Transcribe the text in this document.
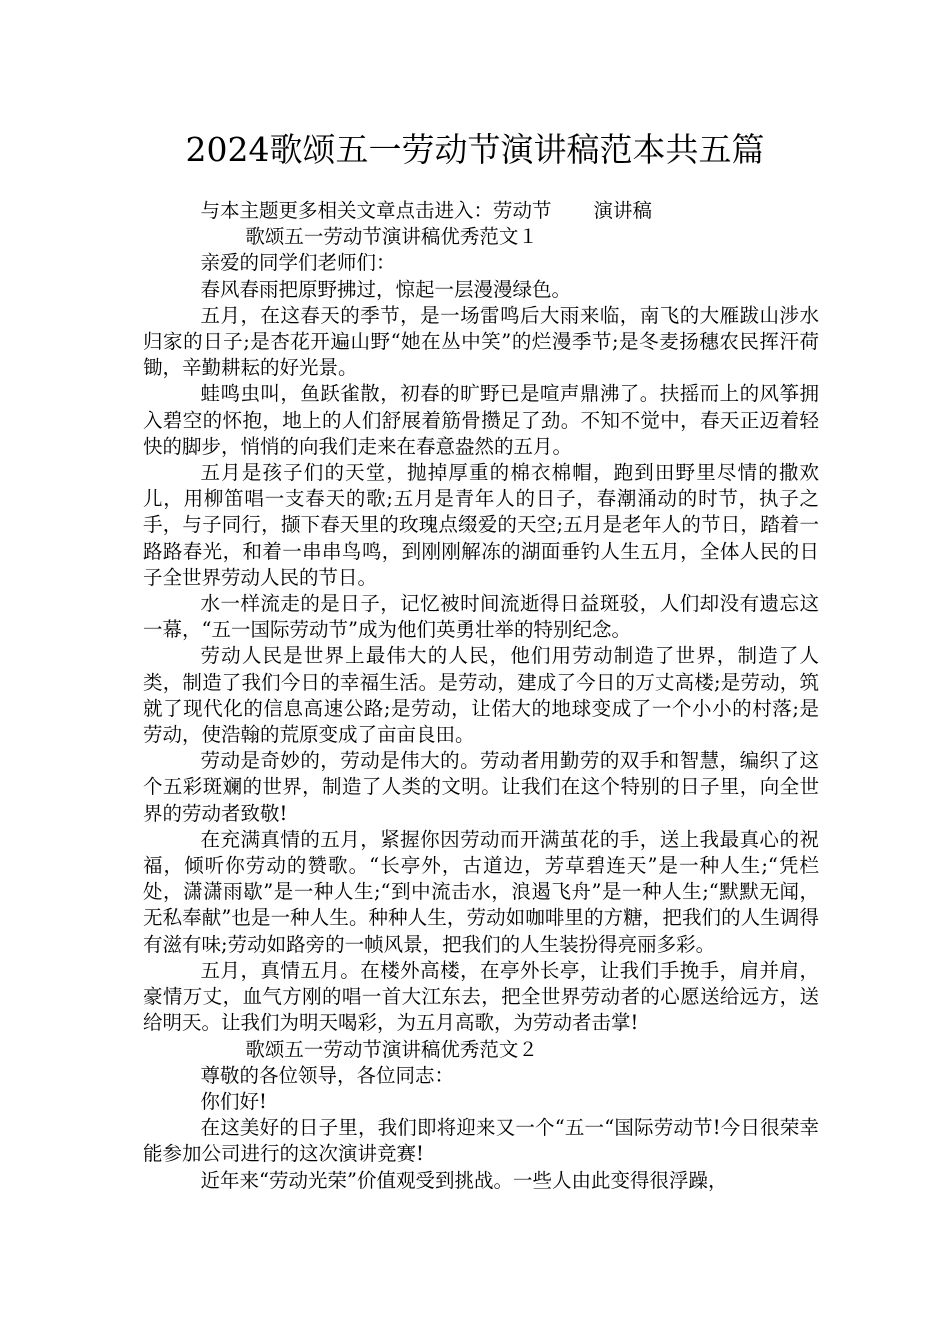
2024歌颂五一劳动节演讲稿范本共五篇

与本主题更多相关文章点击进入：劳动节 演讲稿

歌颂五一劳动节演讲稿优秀范文１

亲爱的同学们老师们：

春风春雨把原野拂过，惊起一层漫漫绿色。

五月，在这春天的季节，是一场雷鸣后大雨来临，南飞的大雁跋山涉水归家的日子;是杏花开遍山野“她在丛中笑”的烂漫季节;是冬麦扬穗农民挥汗荷锄，辛勤耕耘的好光景。

蛙鸣虫叫，鱼跃雀散，初春的旷野已是喧声鼎沸了。扶摇而上的风筝拥入碧空的怀抱，地上的人们舒展着筋骨攒足了劲。不知不觉中，春天正迈着轻快的脚步，悄悄的向我们走来在春意盎然的五月。

五月是孩子们的天堂，抛掉厚重的棉衣棉帽，跑到田野里尽情的撒欢儿，用柳笛唱一支春天的歌;五月是青年人的日子，春潮涌动的时节，执子之手，与子同行，撷下春天里的玫瑰点缀爱的天空;五月是老年人的节日，踏着一路路春光，和着一串串鸟鸣，到刚刚解冻的湖面垂钓人生五月，全体人民的日子全世界劳动人民的节日。

水一样流走的是日子，记忆被时间流逝得日益斑驳，人们却没有遗忘这一幕，“五一国际劳动节”成为他们英勇壮举的特别纪念。

劳动人民是世界上最伟大的人民，他们用劳动制造了世界，制造了人类，制造了我们今日的幸福生活。是劳动，建成了今日的万丈高楼;是劳动，筑就了现代化的信息高速公路;是劳动，让偌大的地球变成了一个小小的村落;是劳动，使浩翰的荒原变成了亩亩良田。

劳动是奇妙的，劳动是伟大的。劳动者用勤劳的双手和智慧，编织了这个五彩斑斓的世界，制造了人类的文明。让我们在这个特别的日子里，向全世界的劳动者致敬!

在充满真情的五月，紧握你因劳动而开满茧花的手，送上我最真心的祝福，倾听你劳动的赞歌。“长亭外，古道边，芳草碧连天”是一种人生;“凭栏处，潇潇雨歇”是一种人生;“到中流击水，浪遏飞舟”是一种人生;“默默无闻，无私奉献”也是一种人生。种种人生，劳动如咖啡里的方糖，把我们的人生调得有滋有味;劳动如路旁的一帧风景，把我们的人生装扮得亮丽多彩。

五月，真情五月。在楼外高楼，在亭外长亭，让我们手挽手，肩并肩，豪情万丈，血气方刚的唱一首大江东去，把全世界劳动者的心愿送给远方，送给明天。让我们为明天喝彩，为五月高歌，为劳动者击掌!

歌颂五一劳动节演讲稿优秀范文２

尊敬的各位领导，各位同志：

你们好!

在这美好的日子里，我们即将迎来又一个“五一“国际劳动节!今日很荣幸能参加公司进行的这次演讲竞赛!

近年来“劳动光荣”价值观受到挑战。一些人由此变得很浮躁，
